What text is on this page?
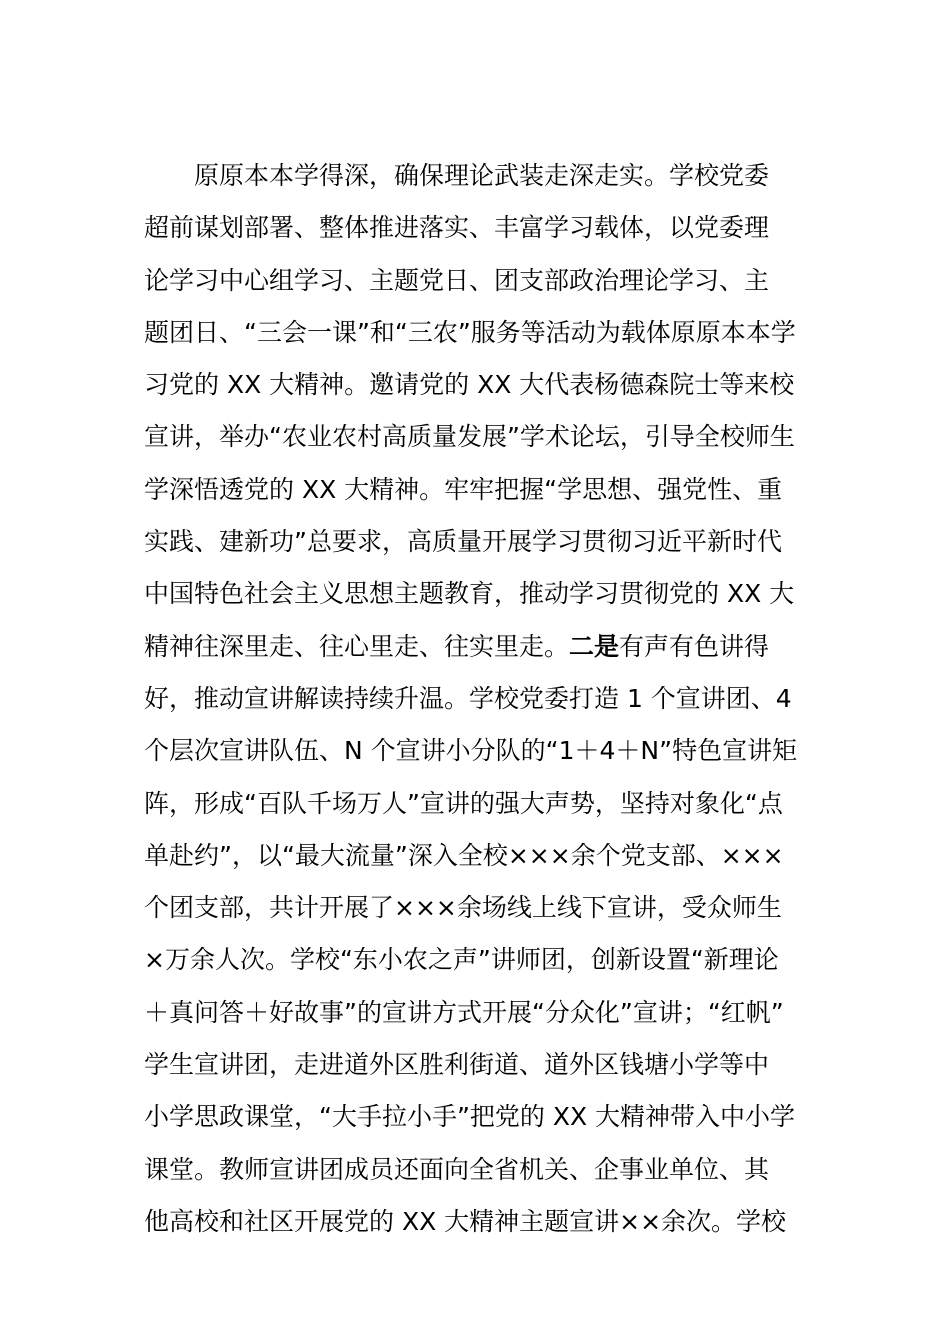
原原本本学得深，确保理论武装走深走实。学校党委
超前谋划部署、整体推进落实、丰富学习载体，以党委理
论学习中心组学习、主题党日、团支部政治理论学习、主
题团日、“三会一课”和“三农”服务等活动为载体原原本本学
习党的 XX 大精神。邀请党的 XX 大代表杨德森院士等来校
宣讲，举办“农业农村高质量发展”学术论坛，引导全校师生
学深悟透党的 XX 大精神。牢牢把握“学思想、强党性、重
实践、建新功”总要求，高质量开展学习贯彻习近平新时代
中国特色社会主义思想主题教育，推动学习贯彻党的 XX 大
精神往深里走、往心里走、往实里走。二是有声有色讲得
好，推动宣讲解读持续升温。学校党委打造 1 个宣讲团、4
个层次宣讲队伍、N 个宣讲小分队的“1＋4＋N”特色宣讲矩
阵，形成“百队千场万人”宣讲的强大声势，坚持对象化“点
单赴约”，以“最大流量”深入全校×××余个党支部、×××
个团支部，共计开展了×××余场线上线下宣讲，受众师生
×万余人次。学校“东小农之声”讲师团，创新设置“新理论
＋真问答＋好故事”的宣讲方式开展“分众化”宣讲；“红帆”
学生宣讲团，走进道外区胜利街道、道外区钱塘小学等中
小学思政课堂，“大手拉小手”把党的 XX 大精神带入中小学
课堂。教师宣讲团成员还面向全省机关、企事业单位、其
他高校和社区开展党的 XX 大精神主题宣讲××余次。学校
